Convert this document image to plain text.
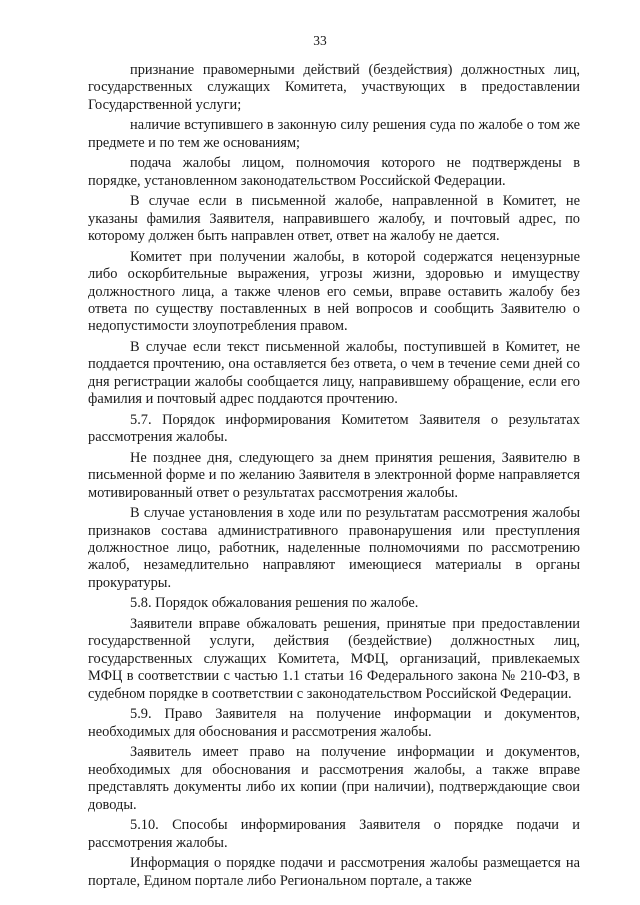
33

признание правомерными действий (бездействия) должностных лиц, государственных служащих Комитета, участвующих в предоставлении Государственной услуги;

наличие вступившего в законную силу решения суда по жалобе о том же предмете и по тем же основаниям;

подача жалобы лицом, полномочия которого не подтверждены в порядке, установленном законодательством Российской Федерации.

В случае если в письменной жалобе, направленной в Комитет, не указаны фамилия Заявителя, направившего жалобу, и почтовый адрес, по которому должен быть направлен ответ, ответ на жалобу не дается.

Комитет при получении жалобы, в которой содержатся нецензурные либо оскорбительные выражения, угрозы жизни, здоровью и имуществу должностного лица, а также членов его семьи, вправе оставить жалобу без ответа по существу поставленных в ней вопросов и сообщить Заявителю о недопустимости злоупотребления правом.

В случае если текст письменной жалобы, поступившей в Комитет, не поддается прочтению, она оставляется без ответа, о чем в течение семи дней со дня регистрации жалобы сообщается лицу, направившему обращение, если его фамилия и почтовый адрес поддаются прочтению.

5.7. Порядок информирования Комитетом Заявителя о результатах рассмотрения жалобы.

Не позднее дня, следующего за днем принятия решения, Заявителю в письменной форме и по желанию Заявителя в электронной форме направляется мотивированный ответ о результатах рассмотрения жалобы.

В случае установления в ходе или по результатам рассмотрения жалобы признаков состава административного правонарушения или преступления должностное лицо, работник, наделенные полномочиями по рассмотрению жалоб, незамедлительно направляют имеющиеся материалы в органы прокуратуры.

5.8. Порядок обжалования решения по жалобе.

Заявители вправе обжаловать решения, принятые при предоставлении государственной услуги, действия (бездействие) должностных лиц, государственных служащих Комитета, МФЦ, организаций, привлекаемых МФЦ в соответствии с частью 1.1 статьи 16 Федерального закона № 210-ФЗ, в судебном порядке в соответствии с законодательством Российской Федерации.

5.9. Право Заявителя на получение информации и документов, необходимых для обоснования и рассмотрения жалобы.

Заявитель имеет право на получение информации и документов, необходимых для обоснования и рассмотрения жалобы, а также вправе представлять документы либо их копии (при наличии), подтверждающие свои доводы.

5.10. Способы информирования Заявителя о порядке подачи и рассмотрения жалобы.

Информация о порядке подачи и рассмотрения жалобы размещается на портале, Едином портале либо Региональном портале, а также
